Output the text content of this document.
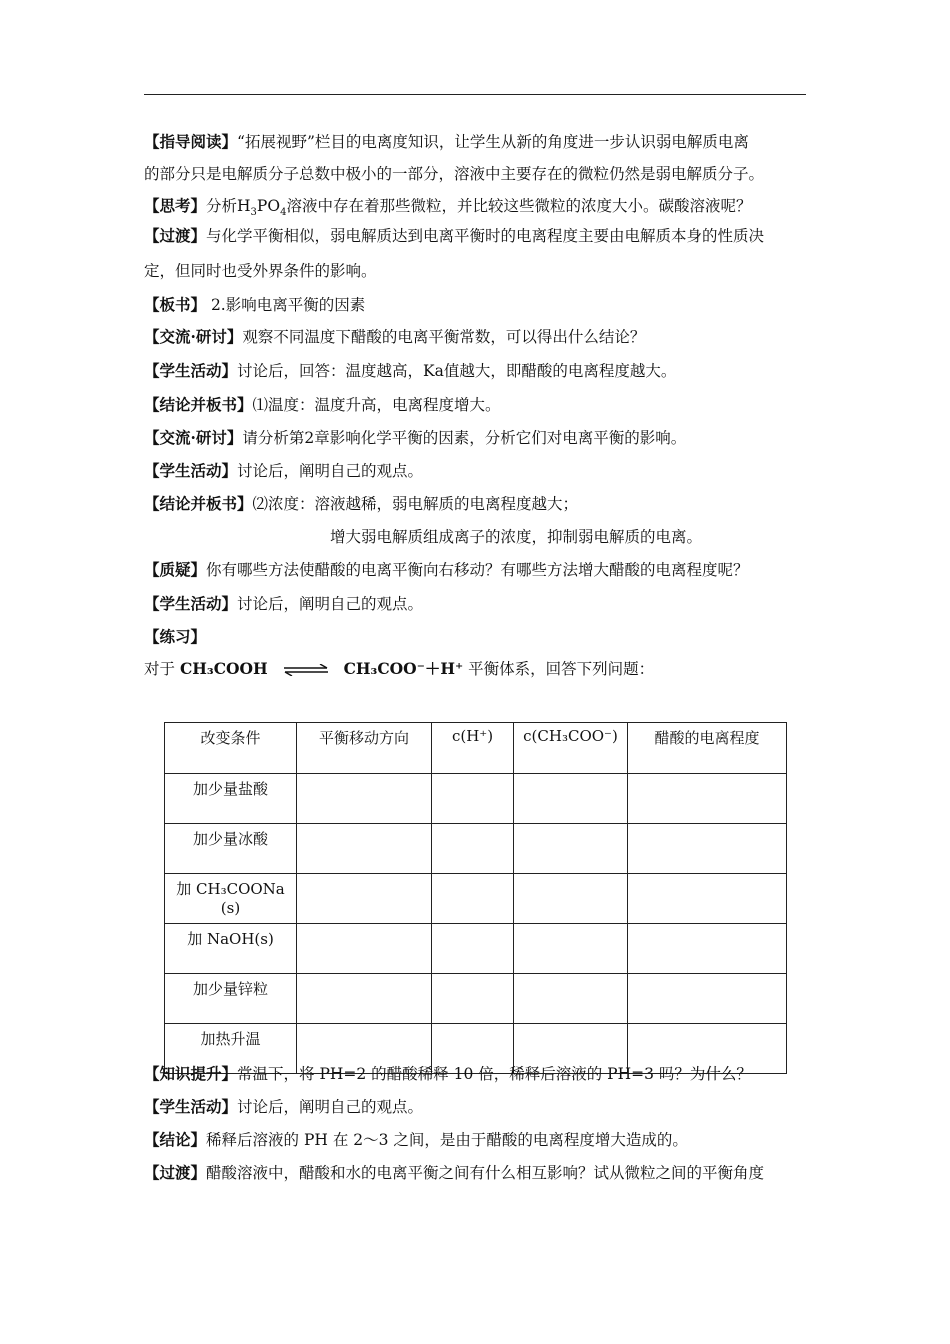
【指导阅读】“拓展视野”栏目的电离度知识，让学生从新的角度进一步认识弱电解质电离
的部分只是电解质分子总数中极小的一部分，溶液中主要存在的微粒仍然是弱电解质分子。
【思考】分析$H_3PO_4$溶液中存在着那些微粒，并比较这些微粒的浓度大小。碳酸溶液呢？
【过渡】与化学平衡相似，弱电解质达到电离平衡时的电离程度主要由电解质本身的性质决
定，但同时也受外界条件的影响。
【板书】 2.影响电离平衡的因素
【交流·研讨】观察不同温度下醋酸的电离平衡常数，可以得出什么结论？
【学生活动】讨论后，回答：温度越高，Ka值越大，即醋酸的电离程度越大。
【结论并板书】⑴温度：温度升高，电离程度增大。
【交流·研讨】请分析第2章影响化学平衡的因素，分析它们对电离平衡的影响。
【学生活动】讨论后，阐明自己的观点。
【结论并板书】⑵浓度：溶液越稀，弱电解质的电离程度越大；
增大弱电解质组成离子的浓度，抑制弱电解质的电离。
【质疑】你有哪些方法使醋酸的电离平衡向右移动？有哪些方法增大醋酸的电离程度呢？
【学生活动】讨论后，阐明自己的观点。
【练习】
对于 CH₃COOH ⇌ CH₃COO⁻＋H⁺ 平衡体系，回答下列问题：
改变条件	平衡移动方向	c(H⁺)	c(CH₃COO⁻)	醋酸的电离程度
加少量盐酸				
加少量冰酸				
加 CH₃COONa (s)				
加 NaOH(s)				
加少量锌粒				
加热升温				
【知识提升】常温下，将 PH=2 的醋酸稀释 10 倍，稀释后溶液的 PH=3 吗？为什么？
【学生活动】讨论后，阐明自己的观点。
【结论】稀释后溶液的 PH 在 2～3 之间，是由于醋酸的电离程度增大造成的。
【过渡】醋酸溶液中，醋酸和水的电离平衡之间有什么相互影响？试从微粒之间的平衡角度
